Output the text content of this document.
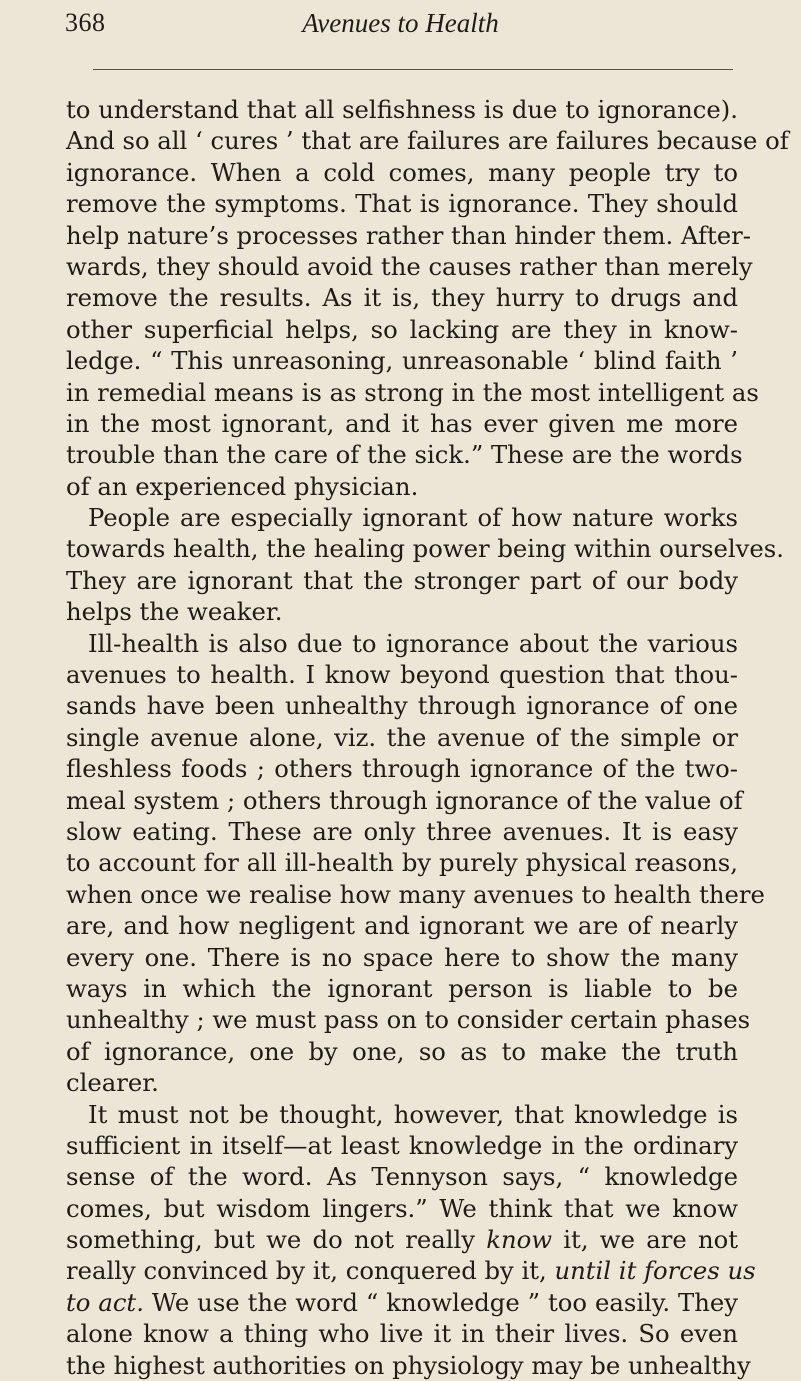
368	Avenues to Health
to understand that all selfishness is due to ignorance).
And so all ‘ cures ’ that are failures are failures because of
ignorance. When a cold comes, many people try to
remove the symptoms. That is ignorance. They should
help nature’s processes rather than hinder them. After-
wards, they should avoid the causes rather than merely
remove the results. As it is, they hurry to drugs and
other superficial helps, so lacking are they in know-
ledge. “ This unreasoning, unreasonable ‘ blind faith ’
in remedial means is as strong in the most intelligent as
in the most ignorant, and it has ever given me more
trouble than the care of the sick.” These are the words
of an experienced physician.
People are especially ignorant of how nature works
towards health, the healing power being within ourselves.
They are ignorant that the stronger part of our body
helps the weaker.
Ill-health is also due to ignorance about the various
avenues to health. I know beyond question that thou-
sands have been unhealthy through ignorance of one
single avenue alone, viz. the avenue of the simple or
fleshless foods ; others through ignorance of the two-
meal system ; others through ignorance of the value of
slow eating. These are only three avenues. It is easy
to account for all ill-health by purely physical reasons,
when once we realise how many avenues to health there
are, and how negligent and ignorant we are of nearly
every one. There is no space here to show the many
ways in which the ignorant person is liable to be
unhealthy ; we must pass on to consider certain phases
of ignorance, one by one, so as to make the truth
clearer.
It must not be thought, however, that knowledge is
sufficient in itself—at least knowledge in the ordinary
sense of the word. As Tennyson says, “ knowledge
comes, but wisdom lingers.” We think that we know
something, but we do not really know it, we are not
really convinced by it, conquered by it, until it forces us
to act. We use the word “ knowledge ” too easily. They
alone know a thing who live it in their lives. So even
the highest authorities on physiology may be unhealthy
